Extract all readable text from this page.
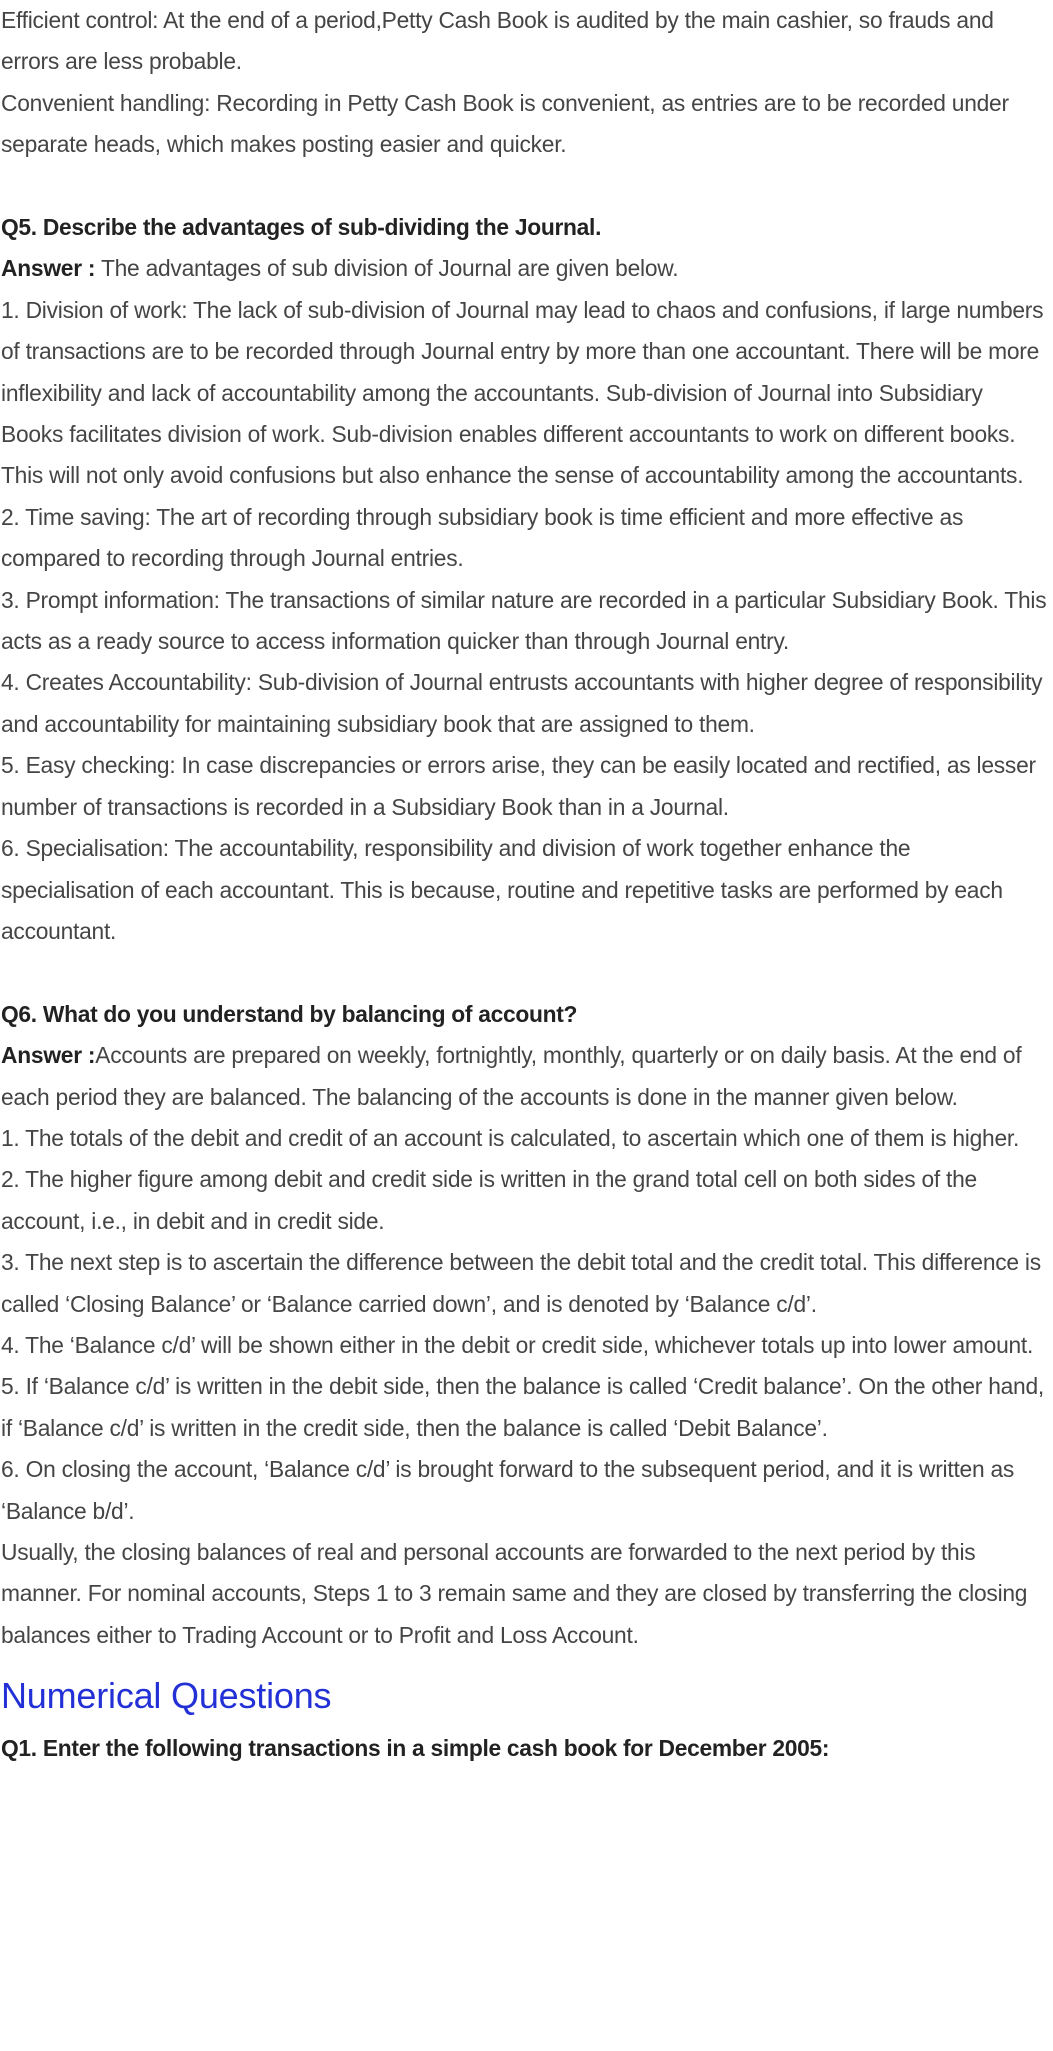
Efficient control: At the end of a period,Petty Cash Book is audited by the main cashier, so frauds and errors are less probable.

Convenient handling: Recording in Petty Cash Book is convenient, as entries are to be recorded under separate heads, which makes posting easier and quicker.

Q5. Describe the advantages of sub-dividing the Journal.

Answer : The advantages of sub division of Journal are given below.

1. Division of work: The lack of sub-division of Journal may lead to chaos and confusions, if large numbers of transactions are to be recorded through Journal entry by more than one accountant. There will be more inflexibility and lack of accountability among the accountants. Sub-division of Journal into Subsidiary Books facilitates division of work. Sub-division enables different accountants to work on different books. This will not only avoid confusions but also enhance the sense of accountability among the accountants.

2. Time saving: The art of recording through subsidiary book is time efficient and more effective as compared to recording through Journal entries.

3. Prompt information: The transactions of similar nature are recorded in a particular Subsidiary Book. This acts as a ready source to access information quicker than through Journal entry.

4. Creates Accountability: Sub-division of Journal entrusts accountants with higher degree of responsibility and accountability for maintaining subsidiary book that are assigned to them.

5. Easy checking: In case discrepancies or errors arise, they can be easily located and rectified, as lesser number of transactions is recorded in a Subsidiary Book than in a Journal.

6. Specialisation: The accountability, responsibility and division of work together enhance the specialisation of each accountant. This is because, routine and repetitive tasks are performed by each accountant.

Q6. What do you understand by balancing of account?

Answer :Accounts are prepared on weekly, fortnightly, monthly, quarterly or on daily basis. At the end of each period they are balanced. The balancing of the accounts is done in the manner given below.

1. The totals of the debit and credit of an account is calculated, to ascertain which one of them is higher.

2. The higher figure among debit and credit side is written in the grand total cell on both sides of the account, i.e., in debit and in credit side.

3. The next step is to ascertain the difference between the debit total and the credit total. This difference is called ‘Closing Balance’ or ‘Balance carried down’, and is denoted by ‘Balance c/d’.

4. The ‘Balance c/d’ will be shown either in the debit or credit side, whichever totals up into lower amount.

5. If ‘Balance c/d’ is written in the debit side, then the balance is called ‘Credit balance’. On the other hand, if ‘Balance c/d’ is written in the credit side, then the balance is called ‘Debit Balance’.

6. On closing the account, ‘Balance c/d’ is brought forward to the subsequent period, and it is written as ‘Balance b/d’.

Usually, the closing balances of real and personal accounts are forwarded to the next period by this manner. For nominal accounts, Steps 1 to 3 remain same and they are closed by transferring the closing balances either to Trading Account or to Profit and Loss Account.

Numerical Questions

Q1. Enter the following transactions in a simple cash book for December 2005:
